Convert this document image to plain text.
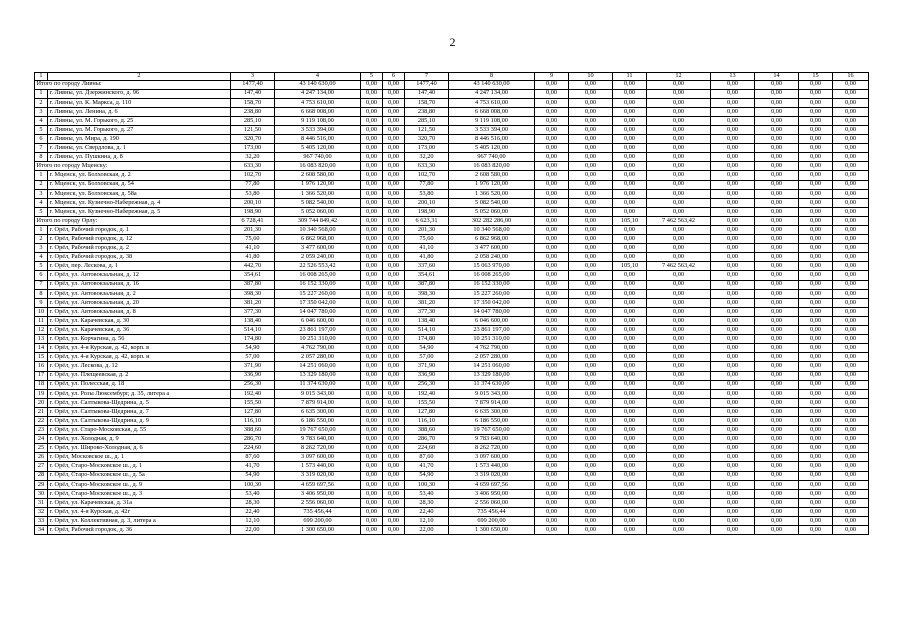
2
1	2	3	4	5	6	7	8	9	10	11	12	13	14	15	16
Итого по городу Ливны:		1477,40	43 140 630,00	0,00	0,00	1477,40	43 140 630,00	0,00	0,00	0,00	0,00	0,00	0,00	0,00	0,00
1	г. Ливны, ул. Дзержинского, д. 96	147,40	4 247 134,00	0,00	0,00	147,40	4 247 134,00	0,00	0,00	0,00	0,00	0,00	0,00	0,00	0,00
2	г. Ливны, ул. К. Маркса, д. 110	158,70	4 753 610,00	0,00	0,00	158,70	4 753 610,00	0,00	0,00	0,00	0,00	0,00	0,00	0,00	0,00
3	г. Ливны, ул. Ленина, д. 6	238,80	6 668 008,00	0,00	0,00	238,80	6 668 008,00	0,00	0,00	0,00	0,00	0,00	0,00	0,00	0,00
4	г. Ливны, ул. М. Горького, д. 25	285,10	9 119 108,00	0,00	0,00	285,10	9 119 108,00	0,00	0,00	0,00	0,00	0,00	0,00	0,00	0,00
5	г. Ливны, ул. М. Горького, д. 27	121,50	3 533 394,00	0,00	0,00	121,50	3 533 394,00	0,00	0,00	0,00	0,00	0,00	0,00	0,00	0,00
6	г. Ливны, ул. Мира, д. 190	320,70	8 446 516,00	0,00	0,00	320,70	8 446 516,00	0,00	0,00	0,00	0,00	0,00	0,00	0,00	0,00
7	г. Ливны, ул. Свердлова, д. 1	173,00	5 405 120,00	0,00	0,00	173,00	5 405 120,00	0,00	0,00	0,00	0,00	0,00	0,00	0,00	0,00
8	г. Ливны, ул. Пушкина, д. 8	32,20	967 740,00	0,00	0,00	32,20	967 740,00	0,00	0,00	0,00	0,00	0,00	0,00	0,00	0,00
Итого по городу Мценску:		633,30	16 083 820,00	0,00	0,00	633,30	16 083 820,00	0,00	0,00	0,00	0,00	0,00	0,00	0,00	0,00
1	г. Мценск, ул. Болховская, д. 2	102,70	2 608 580,00	0,00	0,00	102,70	2 608 580,00	0,00	0,00	0,00	0,00	0,00	0,00	0,00	0,00
2	г. Мценск, ул. Болховская, д. 54	77,80	1 976 120,00	0,00	0,00	77,80	1 976 120,00	0,00	0,00	0,00	0,00	0,00	0,00	0,00	0,00
3	г. Мценск, ул. Болховская, д. 58а	53,80	1 366 520,00	0,00	0,00	53,80	1 366 520,00	0,00	0,00	0,00	0,00	0,00	0,00	0,00	0,00
4	г. Мценск, ул. Кузнечно-Набережная, д. 4	200,10	5 082 540,00	0,00	0,00	200,10	5 082 540,00	0,00	0,00	0,00	0,00	0,00	0,00	0,00	0,00
5	г. Мценск, ул. Кузнечно-Набережная, д. 5	198,90	5 052 060,00	0,00	0,00	198,90	5 052 060,00	0,00	0,00	0,00	0,00	0,00	0,00	0,00	0,00
Итого по городу Орлу:		6 728,41	309 744 849,42	0,00	0,00	6 623,31	302 282 286,00	0,00	0,00	105,10	7 462 563,42	0,00	0,00	0,00	0,00
1	г. Орёл, Рабочий городок, д. 1	201,30	10 340 568,00	0,00	0,00	201,30	10 340 568,00	0,00	0,00	0,00	0,00	0,00	0,00	0,00	0,00
2	г. Орёл, Рабочий городок, д. 12	75,60	6 862 968,00	0,00	0,00	75,60	6 862 968,00	0,00	0,00	0,00	0,00	0,00	0,00	0,00	0,00
3	г. Орёл, Рабочий городок, д. 2	41,10	3 477 600,00	0,00	0,00	41,10	3 477 600,00	0,00	0,00	0,00	0,00	0,00	0,00	0,00	0,00
4	г. Орёл, Рабочий городок, д. 38	41,80	2 059 240,00	0,00	0,00	41,80	2 058 240,00	0,00	0,00	0,00	0,00	0,00	0,00	0,00	0,00
5	г. Орёл, пер. Лескова, д. 1	442,70	22 526 553,42	0,00	0,00	337,60	15 063 970,00	0,00	0,00	105,10	7 462 563,42	0,00	0,00	0,00	0,00
6	г. Орёл, ул. Автовокзальная, д. 12	354,61	16 008 265,00	0,00	0,00	354,61	16 008 265,00	0,00	0,00	0,00	0,00	0,00	0,00	0,00	0,00
7	г. Орёл, ул. Автовокзальная, д. 16	387,80	16 152 330,00	0,00	0,00	387,80	16 152 330,00	0,00	0,00	0,00	0,00	0,00	0,00	0,00	0,00
8	г. Орёл, ул. Автовокзальная, д. 2	398,30	15 227 260,00	0,00	0,00	398,30	15 227 260,00	0,00	0,00	0,00	0,00	0,00	0,00	0,00	0,00
9	г. Орёл, ул. Автовокзальная, д. 20	381,20	17 350 042,00	0,00	0,00	381,20	17 350 042,00	0,00	0,00	0,00	0,00	0,00	0,00	0,00	0,00
10	г. Орёл, ул. Автовокзальная, д. 8	377,30	14 047 780,00	0,00	0,00	377,30	14 047 780,00	0,00	0,00	0,00	0,00	0,00	0,00	0,00	0,00
11	г. Орёл, ул. Карачевская, д. 30	138,40	6 046 600,00	0,00	0,00	138,40	6 046 600,00	0,00	0,00	0,00	0,00	0,00	0,00	0,00	0,00
12	г. Орёл, ул. Карачевская, д. 36	514,10	23 861 197,00	0,00	0,00	514,10	23 861 197,00	0,00	0,00	0,00	0,00	0,00	0,00	0,00	0,00
13	г. Орёл, ул. Корчагина, д. 56	174,80	10 251 310,00	0,00	0,00	174,80	10 251 310,00	0,00	0,00	0,00	0,00	0,00	0,00	0,00	0,00
14	г. Орёл, ул. 4-я Курская, д. 42, корп. в	54,90	4 762 790,00	0,00	0,00	54,90	4 762 790,00	0,00	0,00	0,00	0,00	0,00	0,00	0,00	0,00
15	г. Орёл, ул. 4-я Курская, д. 42, корп. и	57,00	2 057 280,00	0,00	0,00	57,00	2 057 280,00	0,00	0,00	0,00	0,00	0,00	0,00	0,00	0,00
16	г. Орёл, ул. Лескова, д. 12	371,90	14 251 060,00	0,00	0,00	371,90	14 251 060,00	0,00	0,00	0,00	0,00	0,00	0,00	0,00	0,00
17	г. Орёл, ул. Плещеевская, д. 2	336,90	13 329 180,00	0,00	0,00	336,90	13 329 180,00	0,00	0,00	0,00	0,00	0,00	0,00	0,00	0,00
18	г. Орёл, ул. Полесская, д. 18	256,30	11 374 630,00	0,00	0,00	256,30	11 374 630,00	0,00	0,00	0,00	0,00	0,00	0,00	0,00	0,00
19	г. Орёл, ул. Розы Люксембург, д. 35, литера а	192,40	9 015 343,00	0,00	0,00	192,40	9 015 343,00	0,00	0,00	0,00	0,00	0,00	0,00	0,00	0,00
20	г. Орёл, ул. Салтыкова-Щедрина, д. 5	155,50	7 879 914,00	0,00	0,00	155,50	7 879 914,00	0,00	0,00	0,00	0,00	0,00	0,00	0,00	0,00
21	г. Орёл, ул. Салтыкова-Щедрина, д. 7	127,80	6 635 300,00	0,00	0,00	127,80	6 635 300,00	0,00	0,00	0,00	0,00	0,00	0,00	0,00	0,00
22	г. Орёл, ул. Салтыкова-Щедрина, д. 9	116,10	6 186 550,00	0,00	0,00	116,10	6 186 550,00	0,00	0,00	0,00	0,00	0,00	0,00	0,00	0,00
23	г. Орёл, ул. Старо-Московская, д. 55	388,60	19 767 650,00	0,00	0,00	388,60	19 767 650,00	0,00	0,00	0,00	0,00	0,00	0,00	0,00	0,00
24	г. Орёл, ул. Холодная, д. 9	286,70	9 783 640,00	0,00	0,00	286,70	9 783 640,00	0,00	0,00	0,00	0,00	0,00	0,00	0,00	0,00
25	г. Орёл, ул. Широко-Холодная, д. 6	224,60	8 262 720,00	0,00	0,00	224,60	8 262 720,00	0,00	0,00	0,00	0,00	0,00	0,00	0,00	0,00
26	г. Орёл, Московское ш., д. 1	87,60	3 097 600,00	0,00	0,00	87,60	3 097 600,00	0,00	0,00	0,00	0,00	0,00	0,00	0,00	0,00
27	г. Орёл, Старо-Московское ш., д. 1	41,70	1 573 440,00	0,00	0,00	41,70	1 573 440,00	0,00	0,00	0,00	0,00	0,00	0,00	0,00	0,00
28	г. Орёл, Старо-Московское ш., д. 5а	54,90	3 319 020,00	0,00	0,00	54,90	3 319 020,00	0,00	0,00	0,00	0,00	0,00	0,00	0,00	0,00
29	г. Орёл, Старо-Московское ш., д. 9	100,30	4 659 697,56	0,00	0,00	100,30	4 659 697,56	0,00	0,00	0,00	0,00	0,00	0,00	0,00	0,00
30	г. Орёл, Старо-Московское ш., д. 3	53,40	3 406 950,00	0,00	0,00	53,40	3 406 950,00	0,00	0,00	0,00	0,00	0,00	0,00	0,00	0,00
31	г. Орёл, ул. Карачевская, д. 31а	28,30	2 556 060,00	0,00	0,00	28,30	2 556 060,00	0,00	0,00	0,00	0,00	0,00	0,00	0,00	0,00
32	г. Орёл, ул. 4-я Курская, д. 42г	22,40	735 456,44	0,00	0,00	22,40	735 456,44	0,00	0,00	0,00	0,00	0,00	0,00	0,00	0,00
33	г. Орёл, ул. Коллективная, д. 3, литера а	12,10	699 200,00	0,00	0,00	12,10	699 200,00	0,00	0,00	0,00	0,00	0,00	0,00	0,00	0,00
34	г. Орёл, Рабочий городок, д. 36	22,00	1 300 650,00	0,00	0,00	22,00	1 300 650,00	0,00	0,00	0,00	0,00	0,00	0,00	0,00	0,00
